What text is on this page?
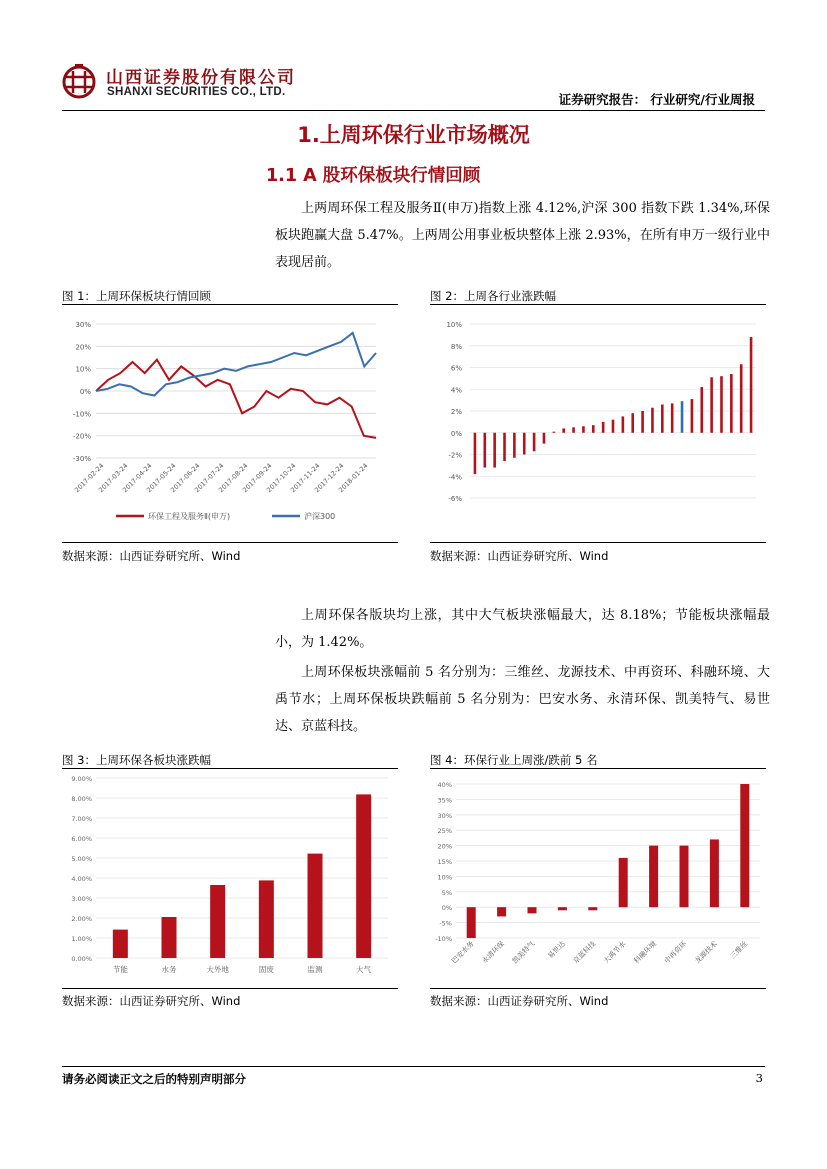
山西证券股份有限公司
SHANXI SECURITIES CO., LTD.	证券研究报告： 行业研究/行业周报
1.上周环保行业市场概况
1.1 A 股环保板块行情回顾
上两周环保工程及服务Ⅱ(申万)指数上涨 4.12%,沪深 300 指数下跌 1.34%,环保板块跑赢大盘 5.47%。上两周公用事业板块整体上涨 2.93%，在所有申万一级行业中表现居前。
图 1：上周环保板块行情回顾
30%
20%
10%
0%
-10%
-20%
-30%
2017-02-24
2017-03-24
2017-04-24
2017-05-24
2017-06-24
2017-07-24
2017-08-24
2017-09-24
2017-10-24
2017-11-24
2017-12-24
2018-01-24
环保工程及服务Ⅱ(申万)	沪深300
数据来源：山西证券研究所、Wind
图 2：上周各行业涨跌幅
10%
8%
6%
4%
2%
0%
-2%
-4%
-6%
数据来源：山西证券研究所、Wind
上周环保各版块均上涨，其中大气板块涨幅最大，达 8.18%；节能板块涨幅最小，为 1.42%。
上周环保板块涨幅前 5 名分别为：三维丝、龙源技术、中再资环、科融环境、大禹节水；上周环保板块跌幅前 5 名分别为：巴安水务、永清环保、凯美特气、易世达、京蓝科技。
图 3：上周环保各板块涨跌幅
9.00%
8.00%
7.00%
6.00%
5.00%
4.00%
3.00%
2.00%
1.00%
0.00%
节能	水务	大外地	固废	监测	大气
数据来源：山西证券研究所、Wind
图 4：环保行业上周涨/跌前 5 名
40%
35%
30%
25%
20%
15%
10%
5%
0%
-5%
-10%
巴安水务 永清环保 凯美特气 易世达 京蓝科技 大禹节水 科融环境 中再资环 龙源技术 三维丝
数据来源：山西证券研究所、Wind
请务必阅读正文之后的特别声明部分	3
